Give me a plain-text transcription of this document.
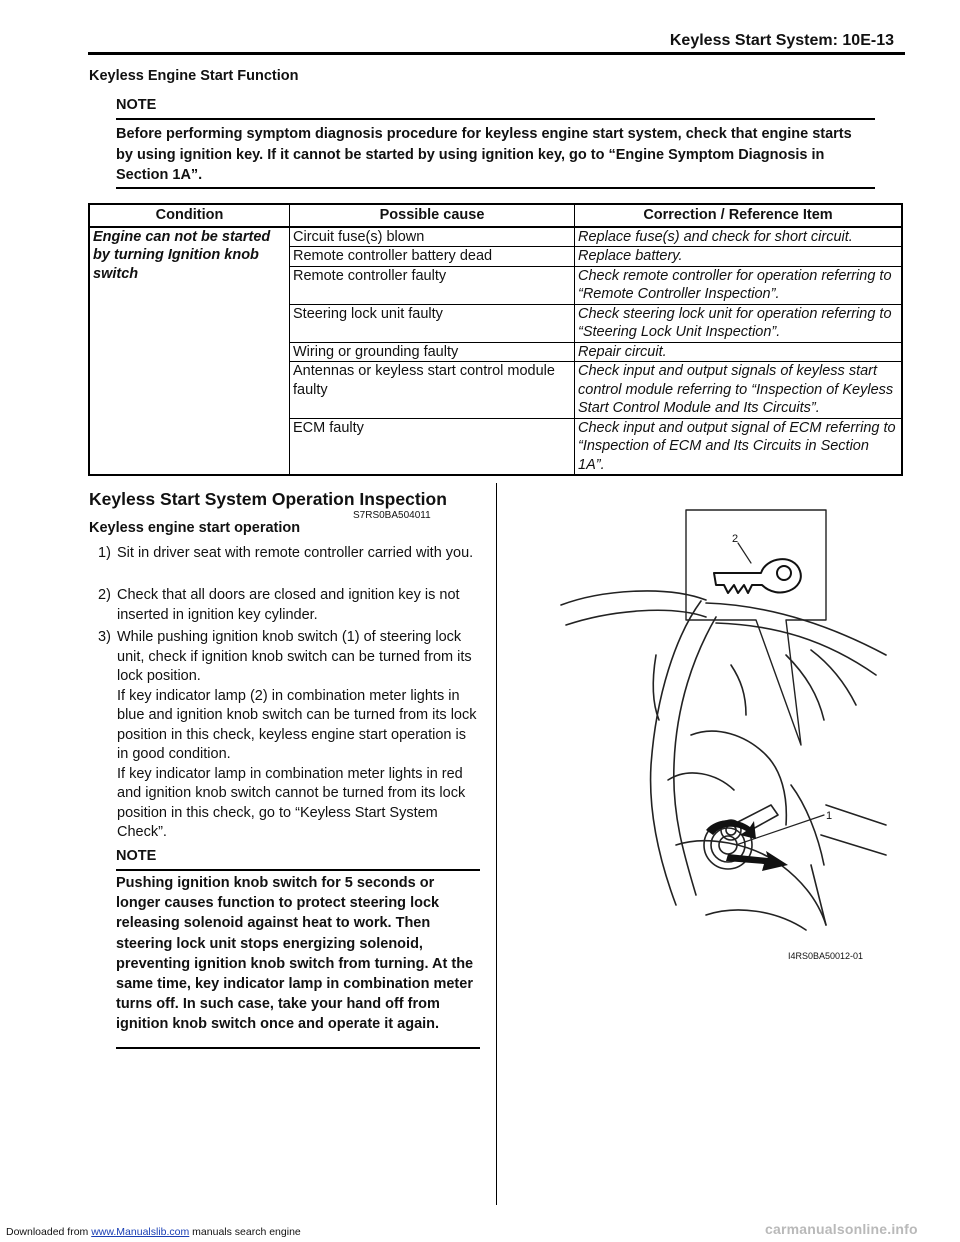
Keyless Start System: 10E-13
Keyless Engine Start Function
NOTE
Before performing symptom diagnosis procedure for keyless engine start system, check that engine starts by using ignition key. If it cannot be started by using ignition key, go to “Engine Symptom Diagnosis in Section 1A”.
Condition	Possible cause	Correction / Reference Item
Engine can not be started by turning Ignition knob switch	Circuit fuse(s) blown	Replace fuse(s) and check for short circuit.
	Remote controller battery dead	Replace battery.
	Remote controller faulty	Check remote controller for operation referring to “Remote Controller Inspection”.
	Steering lock unit faulty	Check steering lock unit for operation referring to “Steering Lock Unit Inspection”.
	Wiring or grounding faulty	Repair circuit.
	Antennas or keyless start control module faulty	Check input and output signals of keyless start control module referring to “Inspection of Keyless Start Control Module and Its Circuits”.
	ECM faulty	Check input and output signal of ECM referring to “Inspection of ECM and Its Circuits in Section 1A”.
Keyless Start System Operation Inspection
S7RS0BA504011
Keyless engine start operation
1) Sit in driver seat with remote controller carried with you.
2) Check that all doors are closed and ignition key is not inserted in ignition key cylinder.
3) While pushing ignition knob switch (1) of steering lock unit, check if ignition knob switch can be turned from its lock position.
If key indicator lamp (2) in combination meter lights in blue and ignition knob switch can be turned from its lock position in this check, keyless engine start operation is in good condition.
If key indicator lamp in combination meter lights in red and ignition knob switch cannot be turned from its lock position in this check, go to “Keyless Start System Check”.
NOTE
Pushing ignition knob switch for 5 seconds or longer causes function to protect steering lock releasing solenoid against heat to work. Then steering lock unit stops energizing solenoid, preventing ignition knob switch from turning. At the same time, key indicator lamp in combination meter turns off. In such case, take your hand off from ignition knob switch once and operate it again.
2
1
I4RS0BA50012-01
Downloaded from www.Manualslib.com manuals search engine	carmanualsonline.info
